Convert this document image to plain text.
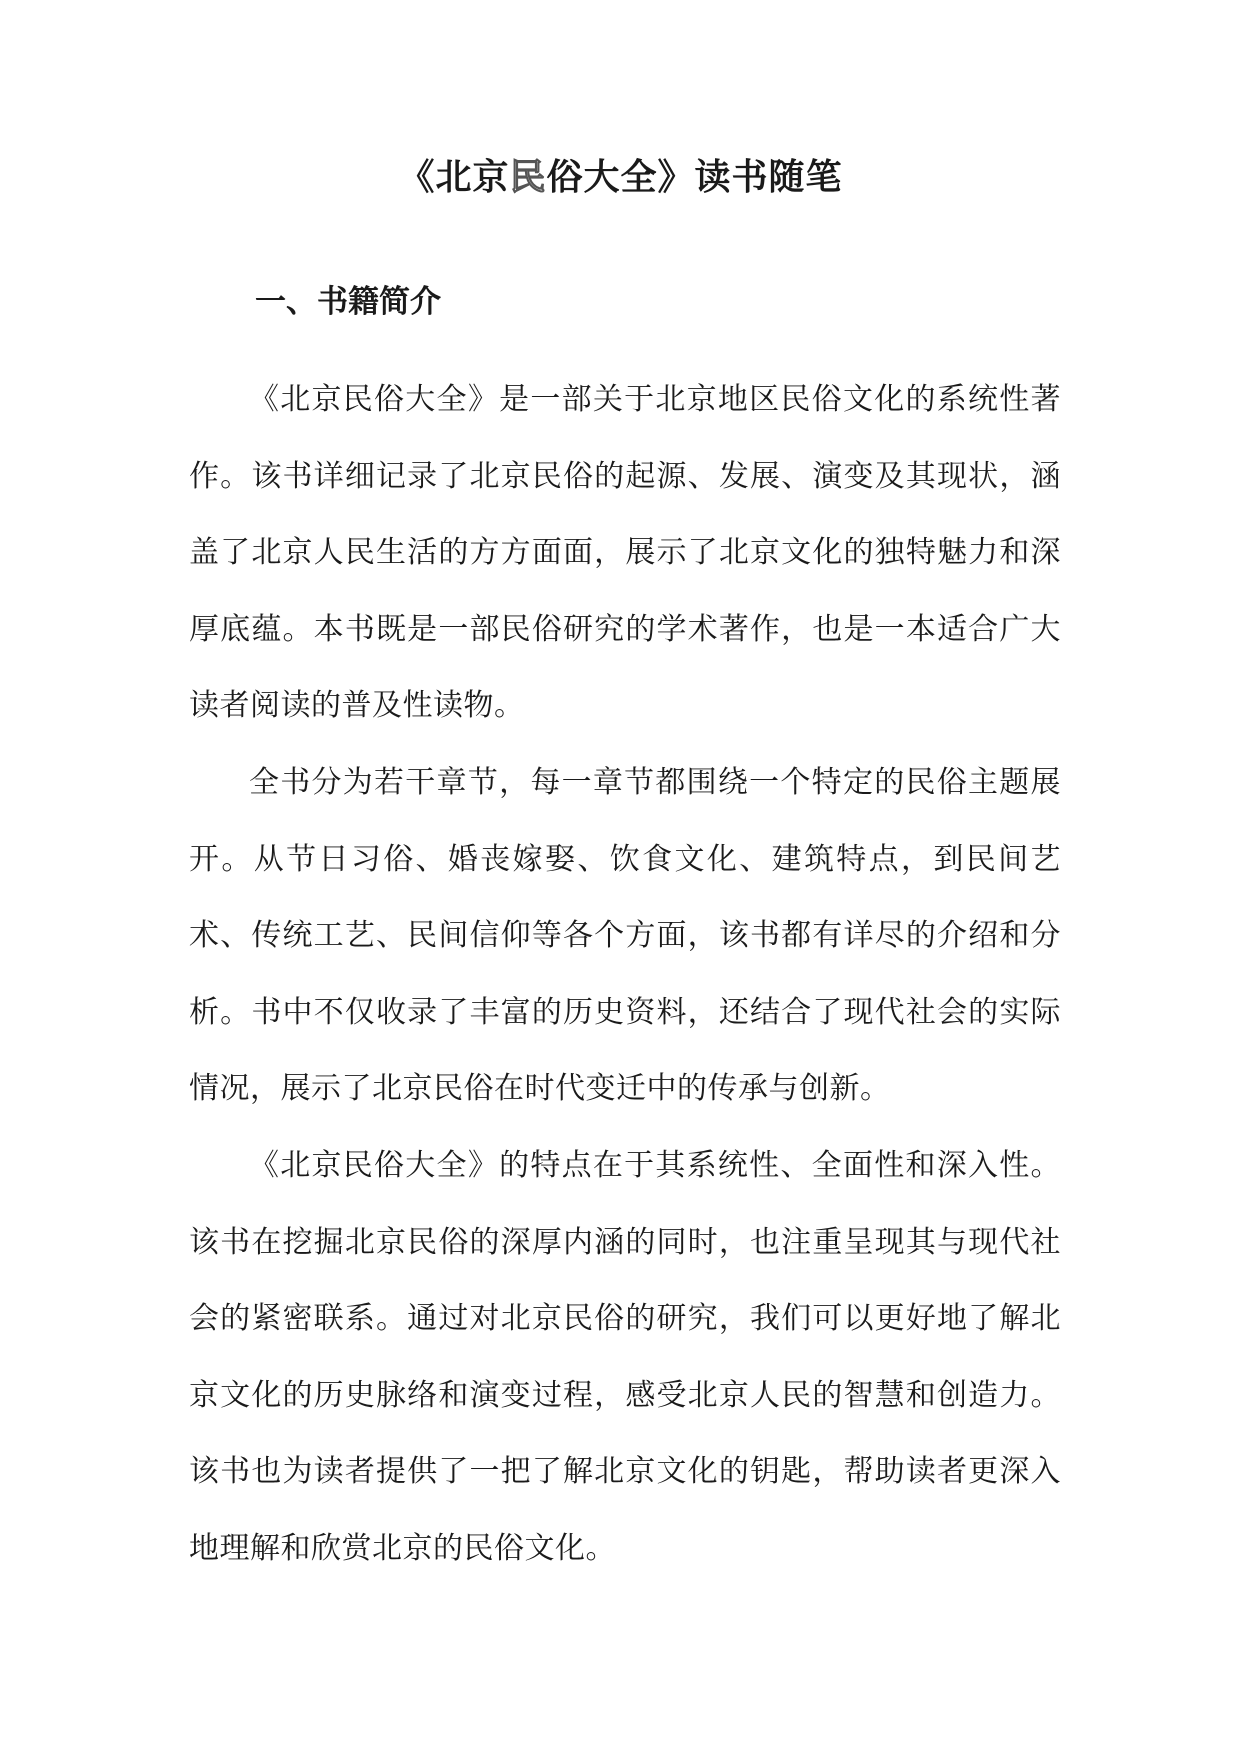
《北京民俗大全》读书随笔
一、书籍简介

《北京民俗大全》是一部关于北京地区民俗文化的系统性著作。该书详细记录了北京民俗的起源、发展、演变及其现状，涵盖了北京人民生活的方方面面，展示了北京文化的独特魅力和深厚底蕴。本书既是一部民俗研究的学术著作，也是一本适合广大读者阅读的普及性读物。

全书分为若干章节，每一章节都围绕一个特定的民俗主题展开。从节日习俗、婚丧嫁娶、饮食文化、建筑特点，到民间艺术、传统工艺、民间信仰等各个方面，该书都有详尽的介绍和分析。书中不仅收录了丰富的历史资料，还结合了现代社会的实际情况，展示了北京民俗在时代变迁中的传承与创新。

《北京民俗大全》的特点在于其系统性、全面性和深入性。该书在挖掘北京民俗的深厚内涵的同时，也注重呈现其与现代社会的紧密联系。通过对北京民俗的研究，我们可以更好地了解北京文化的历史脉络和演变过程，感受北京人民的智慧和创造力。该书也为读者提供了一把了解北京文化的钥匙，帮助读者更深入地理解和欣赏北京的民俗文化。
